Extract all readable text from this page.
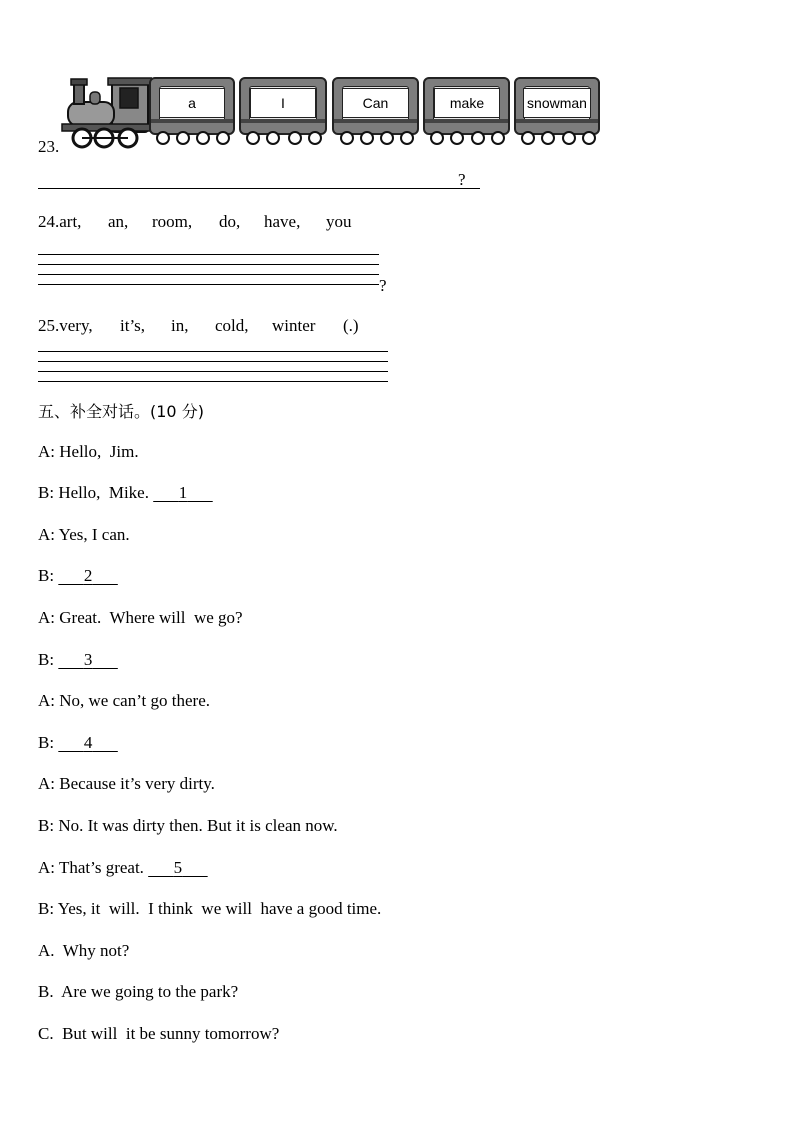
a	I	Can	make	snowman
23.
?
24.art, an, room, do, have, you
?
25.very, it’s, in, cold, winter (.)
五、补全对话。(10 分)
A: Hello,  Jim.
B: Hello,  Mike. 1
A: Yes, I can.
B: 2
A: Great.  Where will  we go?
B: 3
A: No, we can’t go there.
B: 4
A: Because it’s very dirty.
B: No. It was dirty then. But it is clean now.
A: That’s great. 5
B: Yes, it  will.  I think  we will  have a good time.
A.  Why not?
B.  Are we going to the park?
C.  But will  it be sunny tomorrow?
